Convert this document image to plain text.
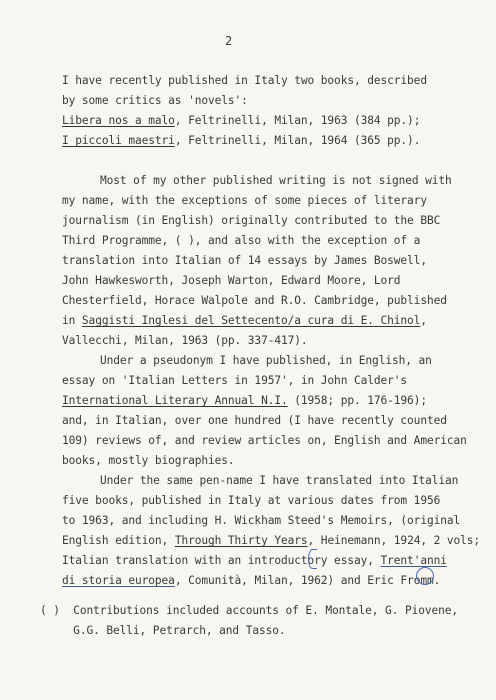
2
I have recently published in Italy two books, described
by some critics as 'novels':
Libera nos a malo, Feltrinelli, Milan, 1963 (384 pp.);
I piccoli maestri, Feltrinelli, Milan, 1964 (365 pp.).
Most of my other published writing is not signed with
my name, with the exceptions of some pieces of literary
journalism (in English) originally contributed to the BBC
Third Programme, ( ), and also with the exception of a
translation into Italian of 14 essays by James Boswell,
John Hawkesworth, Joseph Warton, Edward Moore, Lord
Chesterfield, Horace Walpole and R.O. Cambridge, published
in Saggisti Inglesi del Settecento/a cura di E. Chinol,
Vallecchi, Milan, 1963 (pp. 337-417).
Under a pseudonym I have published, in English, an
essay on 'Italian Letters in 1957', in John Calder's
International Literary Annual N.I. (1958; pp. 176-196);
and, in Italian, over one hundred (I have recently counted
109) reviews of, and review articles on, English and American
books, mostly biographies.
Under the same pen-name I have translated into Italian
five books, published in Italy at various dates from 1956
to 1963, and including H. Wickham Steed's Memoirs, (original
English edition, Through Thirty Years, Heinemann, 1924, 2 vols;
Italian translation with an introductory essay, Trent'anni
di storia europea, Comunità, Milan, 1962) and Eric Fromm.
( )  Contributions included accounts of E. Montale, G. Piovene,
G.G. Belli, Petrarch, and Tasso.
